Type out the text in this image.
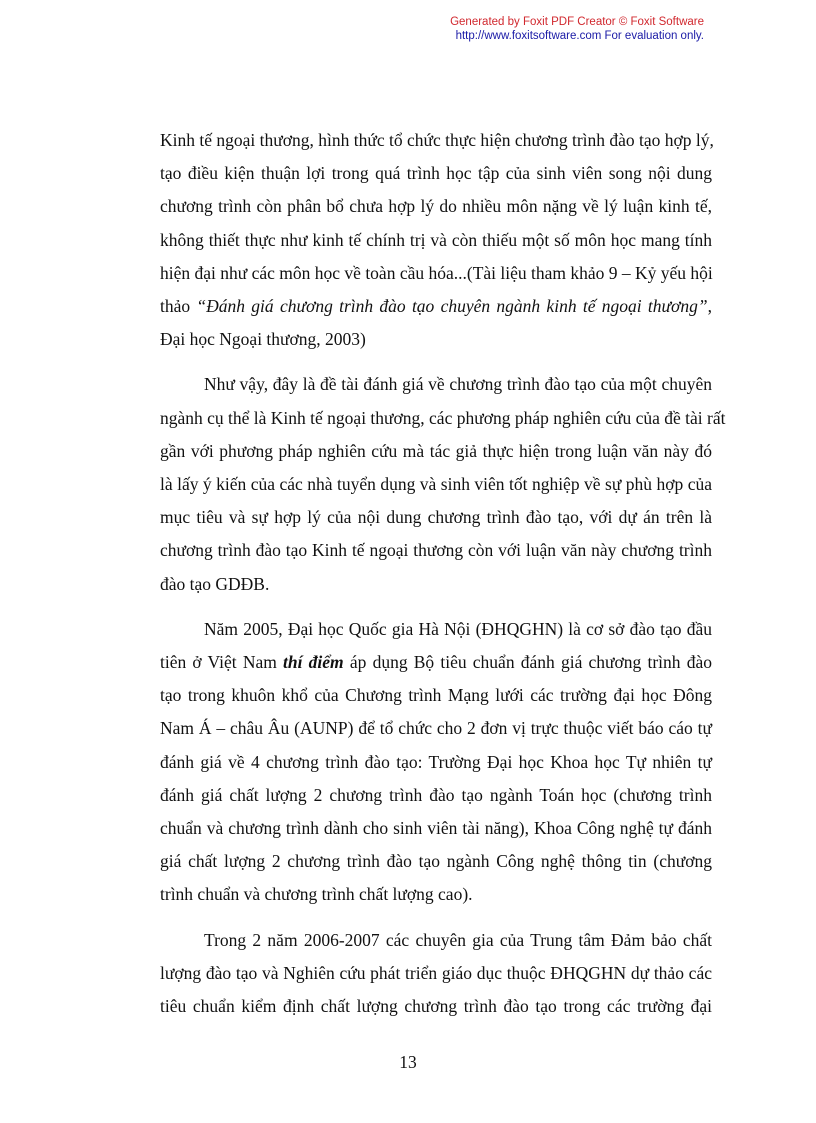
Generated by Foxit PDF Creator © Foxit Software
http://www.foxitsoftware.com For evaluation only.
Kinh tế ngoại thương, hình thức tổ chức thực hiện chương trình đào tạo hợp lý,
tạo điều kiện thuận lợi trong quá trình học tập của sinh viên song nội dung
chương trình còn phân bổ chưa hợp lý do nhiều môn nặng về lý luận kinh tế,
không thiết thực như kinh tế chính trị và còn thiếu một số môn học mang tính
hiện đại như các môn học về toàn cầu hóa...(Tài liệu tham khảo 9 – Kỷ yếu hội
thảo “Đánh giá chương trình đào tạo chuyên ngành kinh tế ngoại thương”,
Đại học Ngoại thương, 2003)
Như vậy, đây là đề tài đánh giá về chương trình đào tạo của một chuyên
ngành cụ thể là Kinh tế ngoại thương, các phương pháp nghiên cứu của đề tài rất
gần với phương pháp nghiên cứu mà tác giả thực hiện trong luận văn này đó
là lấy ý kiến của các nhà tuyển dụng và sinh viên tốt nghiệp về sự phù hợp của
mục tiêu và sự hợp lý của nội dung chương trình đào tạo, với dự án trên là
chương trình đào tạo Kinh tế ngoại thương còn với luận văn này chương trình
đào tạo GDĐB.
Năm 2005, Đại học Quốc gia Hà Nội (ĐHQGHN) là cơ sở đào tạo đầu
tiên ở Việt Nam thí điểm áp dụng Bộ tiêu chuẩn đánh giá chương trình đào
tạo trong khuôn khổ của Chương trình Mạng lưới các trường đại học Đông
Nam Á – châu Âu (AUNP) để tổ chức cho 2 đơn vị trực thuộc viết báo cáo tự
đánh giá về 4 chương trình đào tạo: Trường Đại học Khoa học Tự nhiên tự
đánh giá chất lượng 2 chương trình đào tạo ngành Toán học (chương trình
chuẩn và chương trình dành cho sinh viên tài năng), Khoa Công nghệ tự đánh
giá chất lượng 2 chương trình đào tạo ngành Công nghệ thông tin (chương
trình chuẩn và chương trình chất lượng cao).
Trong 2 năm 2006-2007 các chuyên gia của Trung tâm Đảm bảo chất
lượng đào tạo và Nghiên cứu phát triển giáo dục thuộc ĐHQGHN dự thảo các
tiêu chuẩn kiểm định chất lượng chương trình đào tạo trong các trường đại
13
